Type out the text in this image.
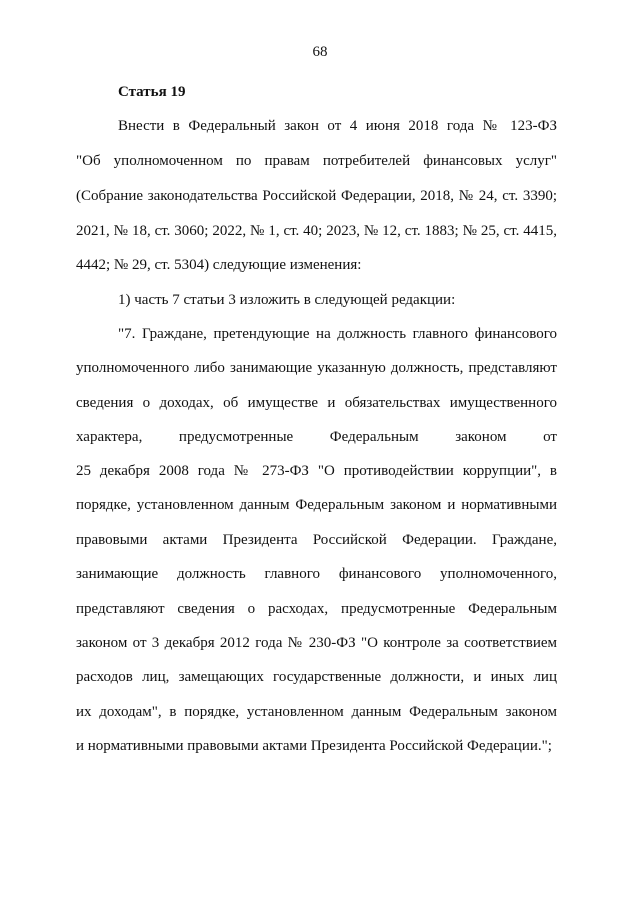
68
Статья 19
Внести в Федеральный закон от 4 июня 2018 года № 123-ФЗ
"Об уполномоченном по правам потребителей финансовых услуг"
(Собрание законодательства Российской Федерации, 2018, № 24, ст. 3390;
2021, № 18, ст. 3060; 2022, № 1, ст. 40; 2023, № 12, ст. 1883; № 25, ст. 4415,
4442; № 29, ст. 5304) следующие изменения:
1) часть 7 статьи 3 изложить в следующей редакции:
"7. Граждане, претендующие на должность главного финансового
уполномоченного либо занимающие указанную должность, представляют
сведения о доходах, об имуществе и обязательствах имущественного
характера, предусмотренные Федеральным законом от
25 декабря 2008 года № 273-ФЗ "О противодействии коррупции", в
порядке, установленном данным Федеральным законом и нормативными
правовыми актами Президента Российской Федерации. Граждане,
занимающие должность главного финансового уполномоченного,
представляют сведения о расходах, предусмотренные Федеральным
законом от 3 декабря 2012 года № 230-ФЗ "О контроле за соответствием
расходов лиц, замещающих государственные должности, и иных лиц
их доходам", в порядке, установленном данным Федеральным законом
и нормативными правовыми актами Президента Российской Федерации.";
